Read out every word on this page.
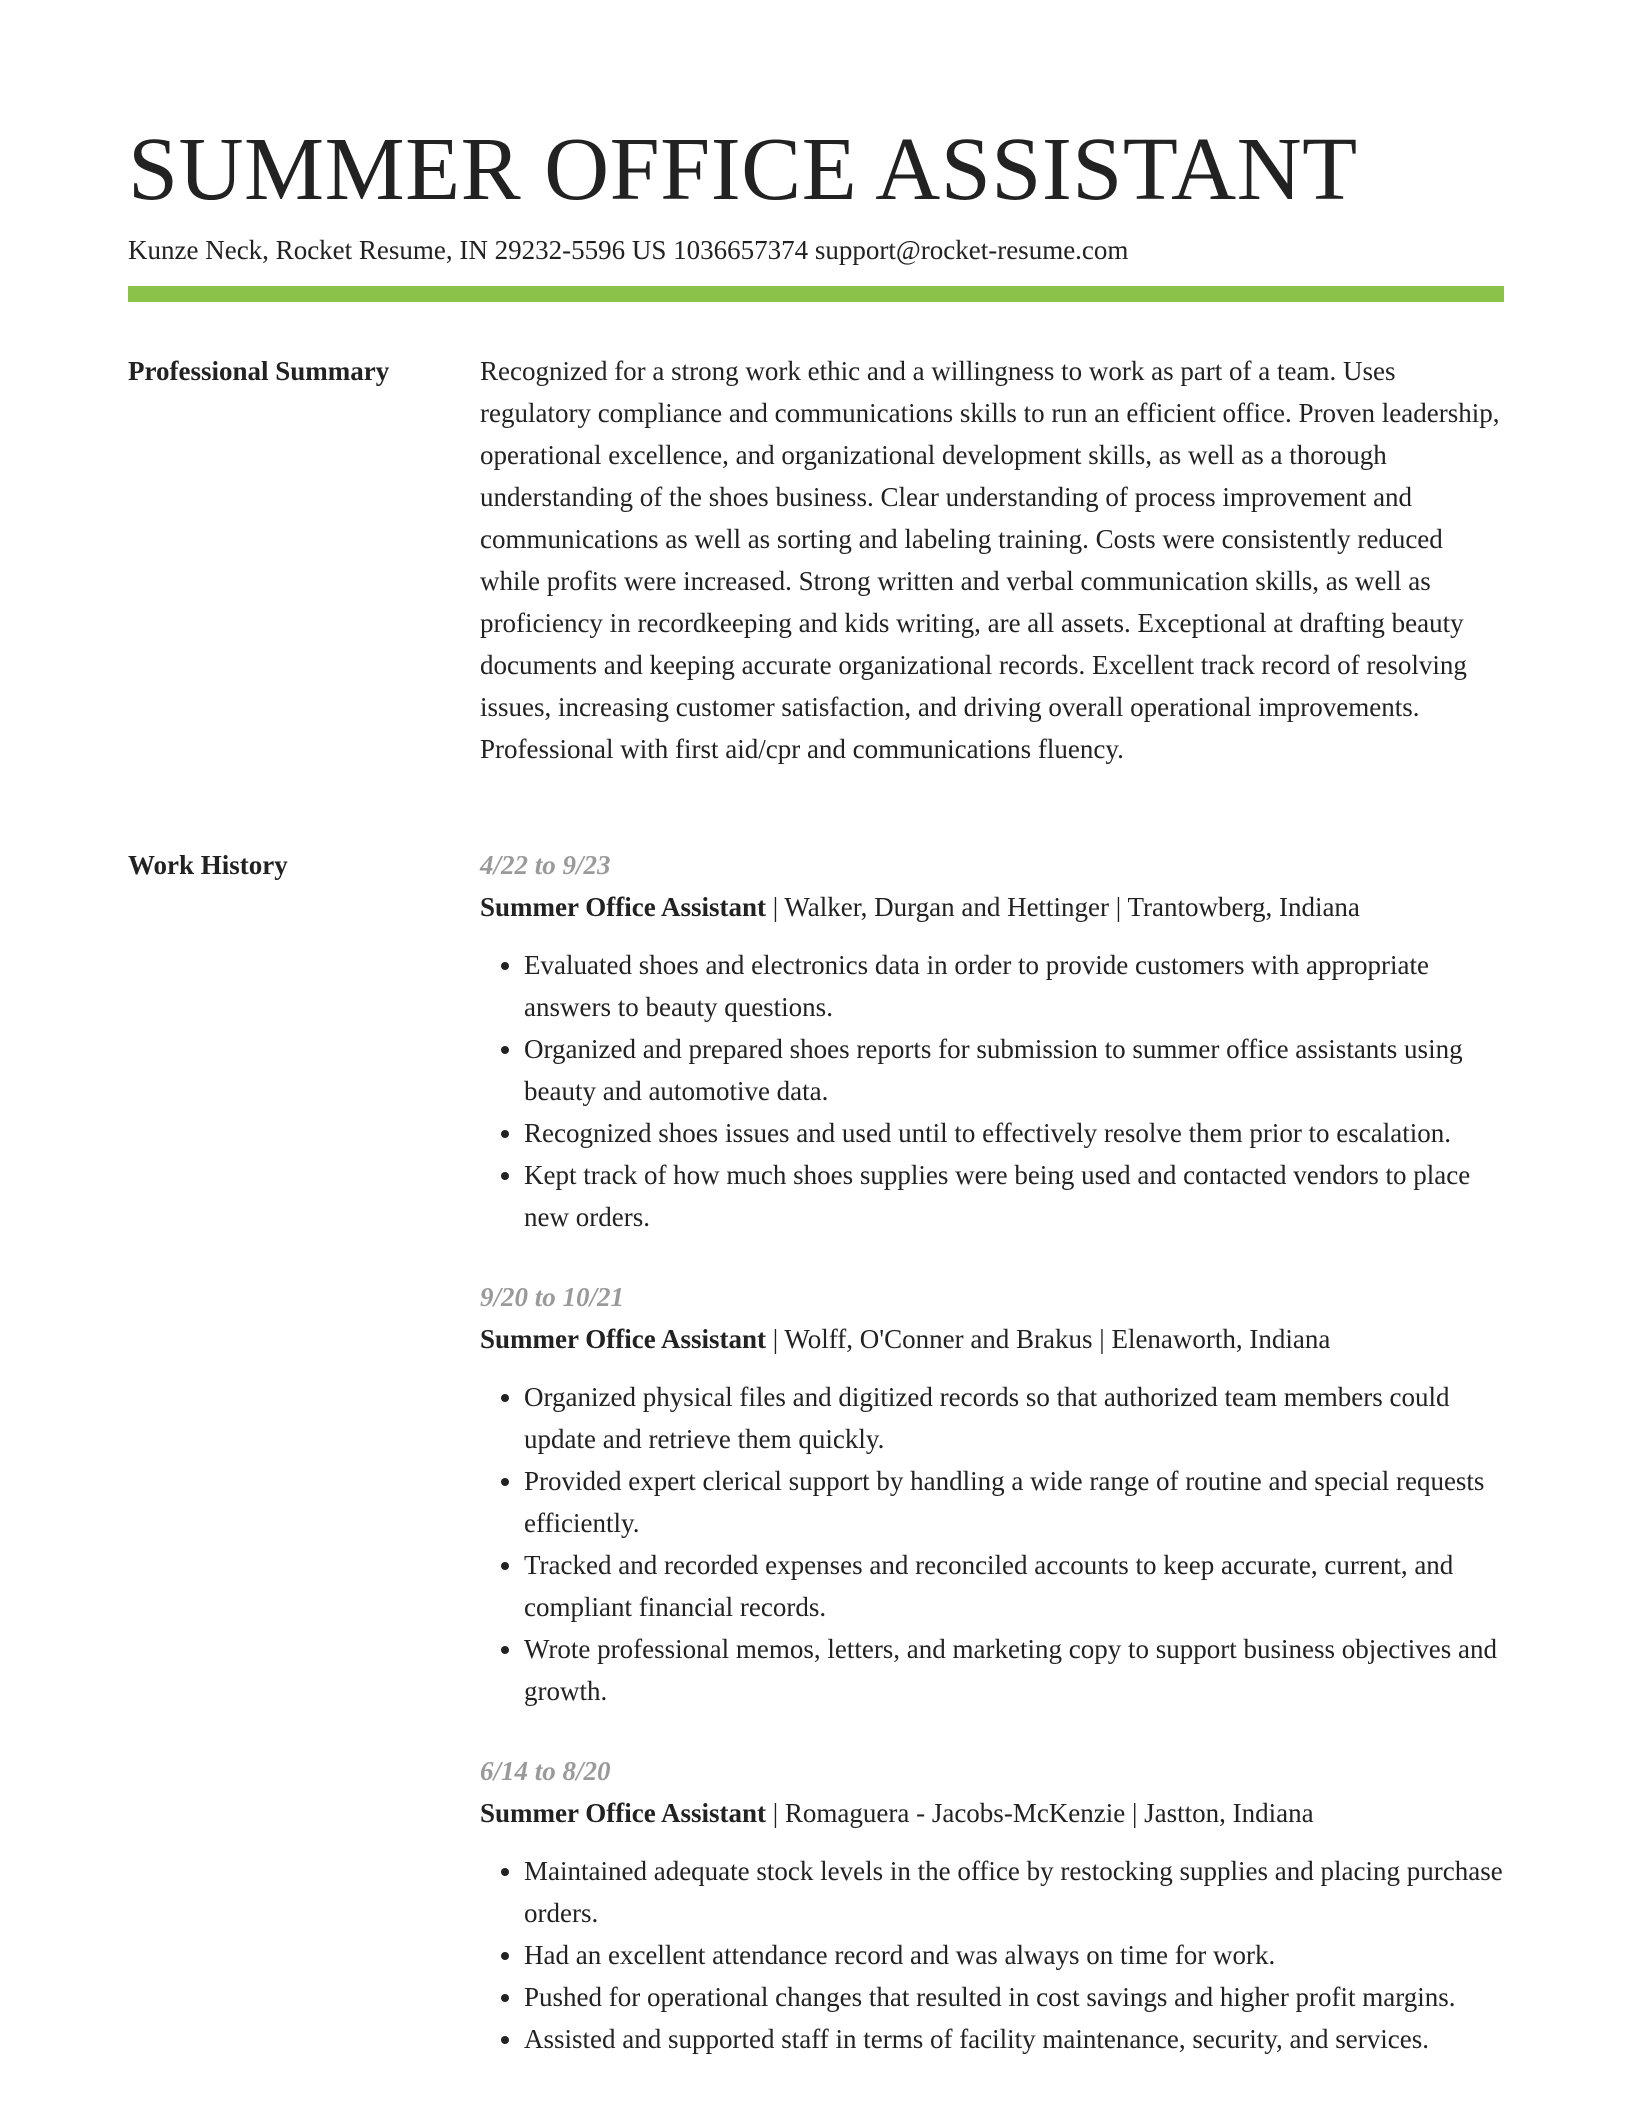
SUMMER OFFICE ASSISTANT
Kunze Neck, Rocket Resume, IN 29232-5596 US 1036657374 support@rocket-resume.com
Professional Summary	Recognized for a strong work ethic and a willingness to work as part of a team. Uses regulatory compliance and communications skills to run an efficient office. Proven leadership, operational excellence, and organizational development skills, as well as a thorough understanding of the shoes business. Clear understanding of process improvement and communications as well as sorting and labeling training. Costs were consistently reduced while profits were increased. Strong written and verbal communication skills, as well as proficiency in recordkeeping and kids writing, are all assets. Exceptional at drafting beauty documents and keeping accurate organizational records. Excellent track record of resolving issues, increasing customer satisfaction, and driving overall operational improvements. Professional with first aid/cpr and communications fluency.

Work History	4/22 to 9/23
Summer Office Assistant | Walker, Durgan and Hettinger | Trantowberg, Indiana
• Evaluated shoes and electronics data in order to provide customers with appropriate answers to beauty questions.
• Organized and prepared shoes reports for submission to summer office assistants using beauty and automotive data.
• Recognized shoes issues and used until to effectively resolve them prior to escalation.
• Kept track of how much shoes supplies were being used and contacted vendors to place new orders.
9/20 to 10/21
Summer Office Assistant | Wolff, O'Conner and Brakus | Elenaworth, Indiana
• Organized physical files and digitized records so that authorized team members could update and retrieve them quickly.
• Provided expert clerical support by handling a wide range of routine and special requests efficiently.
• Tracked and recorded expenses and reconciled accounts to keep accurate, current, and compliant financial records.
• Wrote professional memos, letters, and marketing copy to support business objectives and growth.
6/14 to 8/20
Summer Office Assistant | Romaguera - Jacobs-McKenzie | Jastton, Indiana
• Maintained adequate stock levels in the office by restocking supplies and placing purchase orders.
• Had an excellent attendance record and was always on time for work.
• Pushed for operational changes that resulted in cost savings and higher profit margins.
• Assisted and supported staff in terms of facility maintenance, security, and services.
